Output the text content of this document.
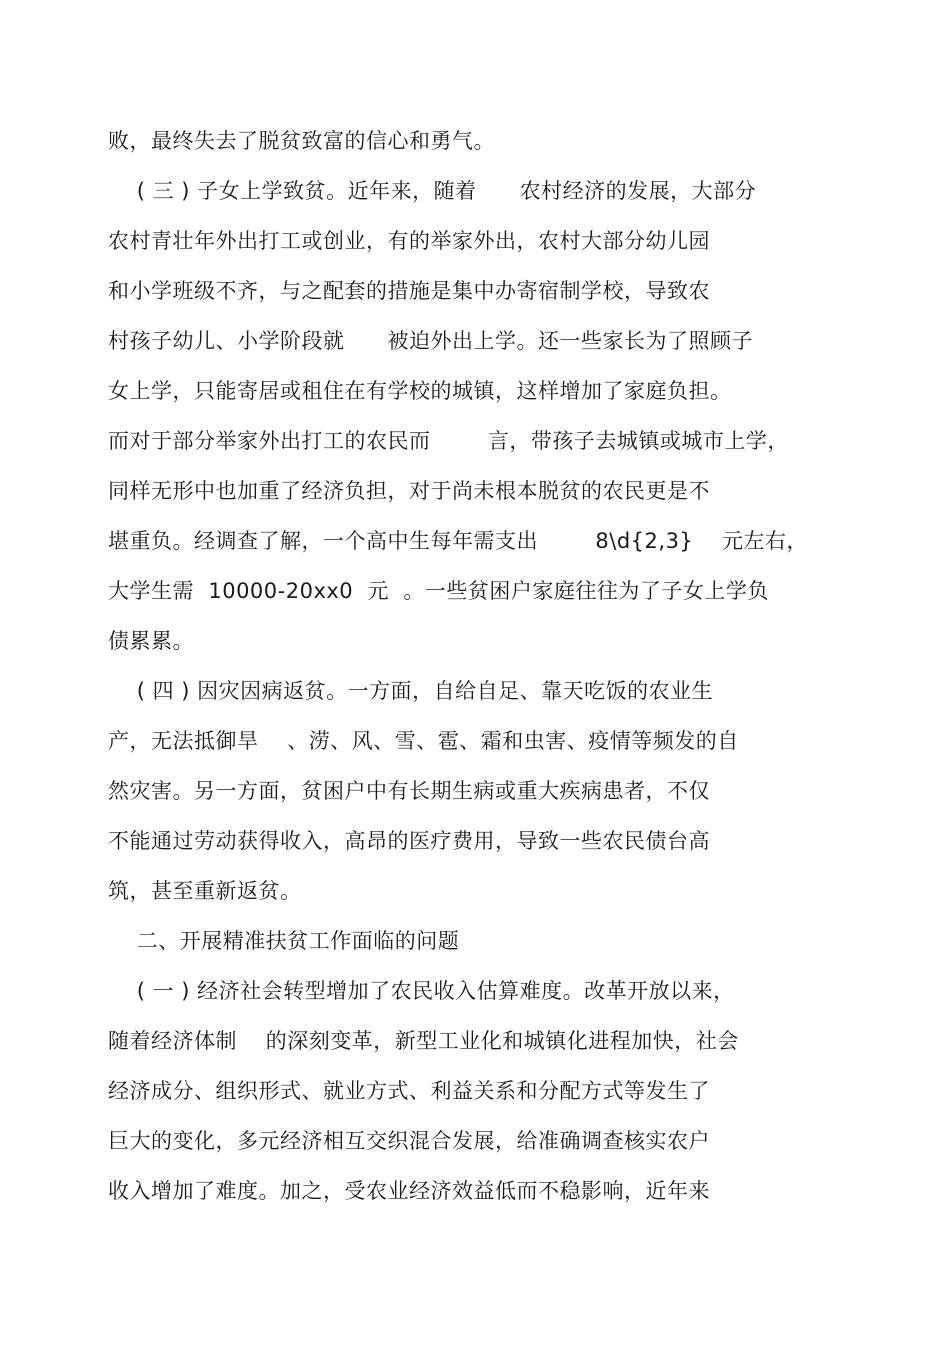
败，最终失去了脱贫致富的信心和勇气。
( 三 ) 子女上学致贫。近年来，随着      农村经济的发展，大部分
农村青壮年外出打工或创业，有的举家外出，农村大部分幼儿园
和小学班级不齐，与之配套的措施是集中办寄宿制学校，导致农
村孩子幼儿、小学阶段就      被迫外出上学。还一些家长为了照顾子
女上学，只能寄居或租住在有学校的城镇，这样增加了家庭负担。
而对于部分举家外出打工的农民而        言，带孩子去城镇或城市上学，
同样无形中也加重了经济负担，对于尚未根本脱贫的农民更是不
堪重负。经调查了解，一个高中生每年需支出        8\d{2,3}    元左右，
大学生需  10000-20xx0  元  。一些贫困户家庭往往为了子女上学负
债累累。
( 四 ) 因灾因病返贫。一方面，自给自足、靠天吃饭的农业生
产，无法抵御旱    、涝、风、雪、雹、霜和虫害、疫情等频发的自
然灾害。另一方面，贫困户中有长期生病或重大疾病患者，不仅
不能通过劳动获得收入，高昂的医疗费用，导致一些农民债台高
筑，甚至重新返贫。
二、开展精准扶贫工作面临的问题
( 一 ) 经济社会转型增加了农民收入估算难度。改革开放以来，
随着经济体制    的深刻变革，新型工业化和城镇化进程加快，社会
经济成分、组织形式、就业方式、利益关系和分配方式等发生了
巨大的变化，多元经济相互交织混合发展，给准确调查核实农户
收入增加了难度。加之，受农业经济效益低而不稳影响，近年来
